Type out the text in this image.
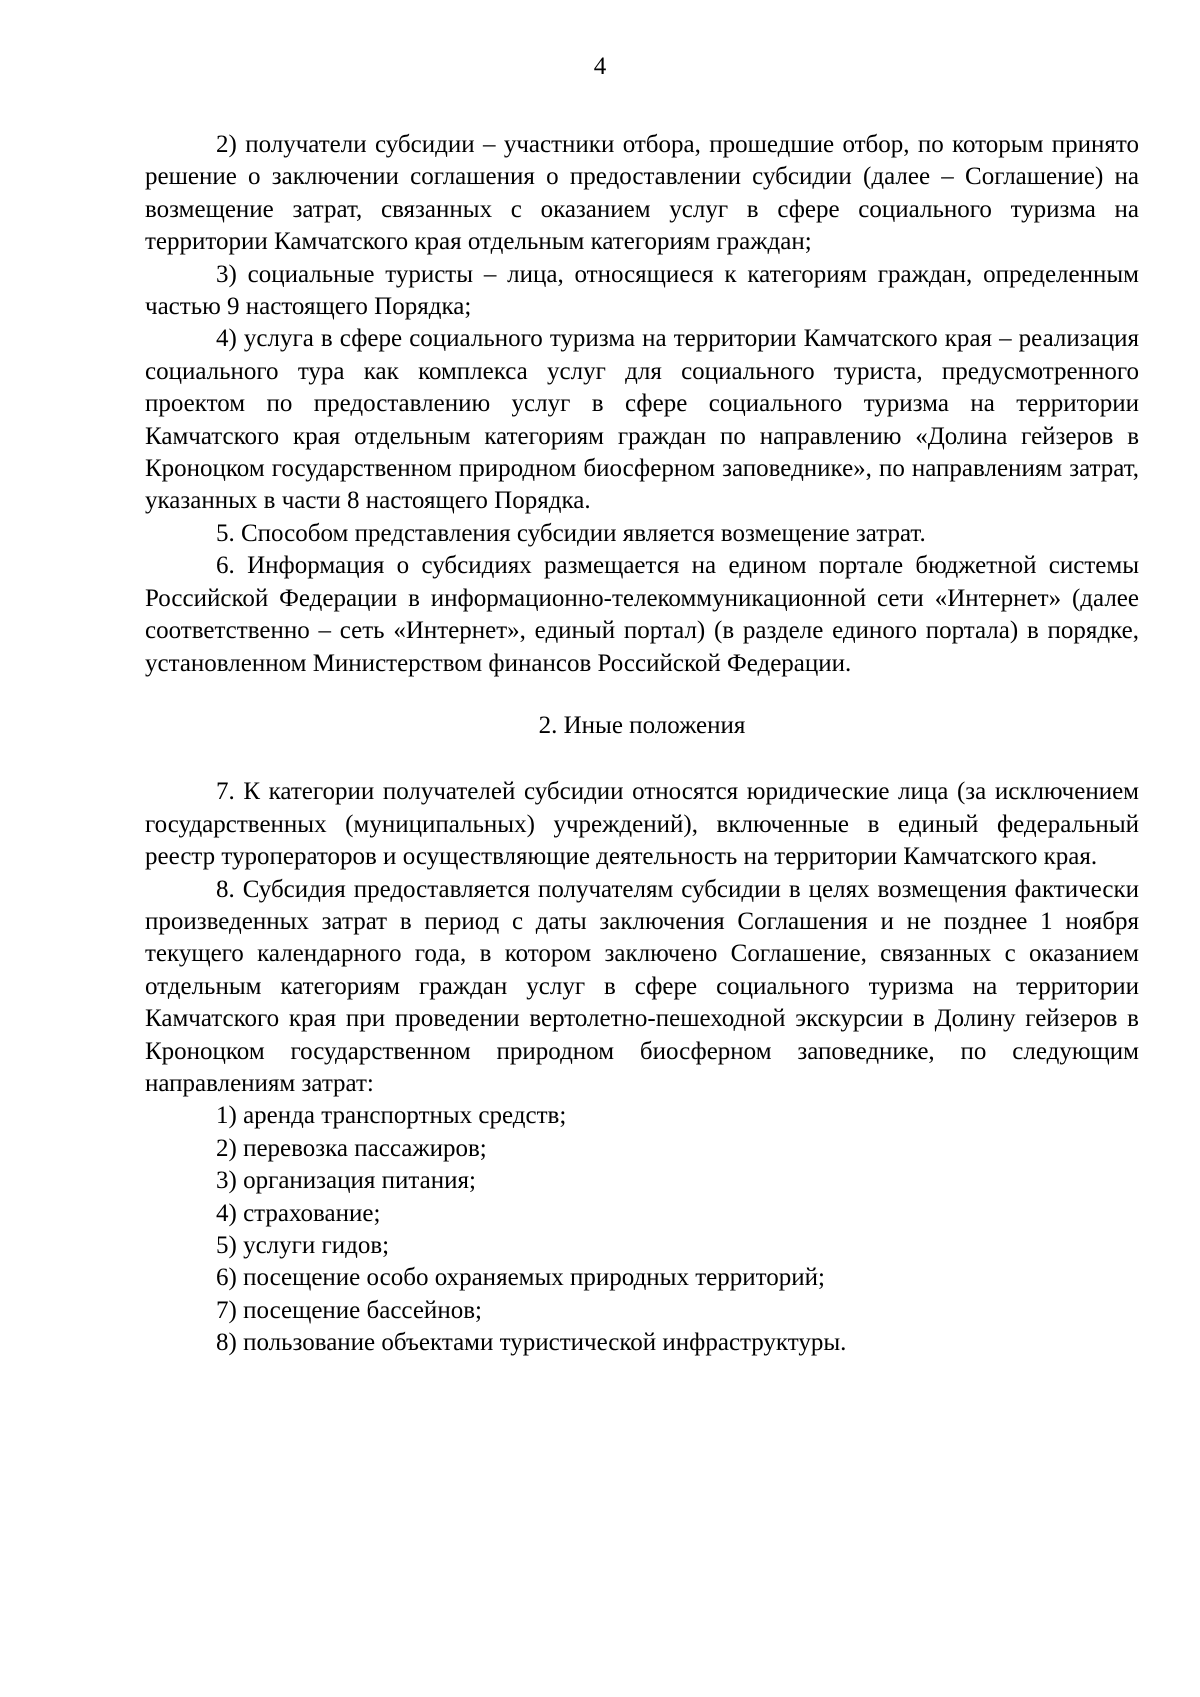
4

2) получатели субсидии – участники отбора, прошедшие отбор, по которым принято решение о заключении соглашения о предоставлении субсидии (далее – Соглашение) на возмещение затрат, связанных с оказанием услуг в сфере социального туризма на территории Камчатского края отдельным категориям граждан;

3) социальные туристы – лица, относящиеся к категориям граждан, определенным частью 9 настоящего Порядка;

4) услуга в сфере социального туризма на территории Камчатского края – реализация социального тура как комплекса услуг для социального туриста, предусмотренного проектом по предоставлению услуг в сфере социального туризма на территории Камчатского края отдельным категориям граждан по направлению «Долина гейзеров в Кроноцком государственном природном биосферном заповеднике», по направлениям затрат, указанных в части 8 настоящего Порядка.

5. Способом представления субсидии является возмещение затрат.

6. Информация о субсидиях размещается на едином портале бюджетной системы Российской Федерации в информационно-телекоммуникационной сети «Интернет» (далее соответственно – сеть «Интернет», единый портал) (в разделе единого портала) в порядке, установленном Министерством финансов Российской Федерации.

2. Иные положения

7. К категории получателей субсидии относятся юридические лица (за исключением государственных (муниципальных) учреждений), включенные в единый федеральный реестр туроператоров и осуществляющие деятельность на территории Камчатского края.

8. Субсидия предоставляется получателям субсидии в целях возмещения фактически произведенных затрат в период с даты заключения Соглашения и не позднее 1 ноября текущего календарного года, в котором заключено Соглашение, связанных с оказанием отдельным категориям граждан услуг в сфере социального туризма на территории Камчатского края при проведении вертолетно-пешеходной экскурсии в Долину гейзеров в Кроноцком государственном природном биосферном заповеднике, по следующим направлениям затрат:

1) аренда транспортных средств;

2) перевозка пассажиров;

3) организация питания;

4) страхование;

5) услуги гидов;

6) посещение особо охраняемых природных территорий;

7) посещение бассейнов;

8) пользование объектами туристической инфраструктуры.
